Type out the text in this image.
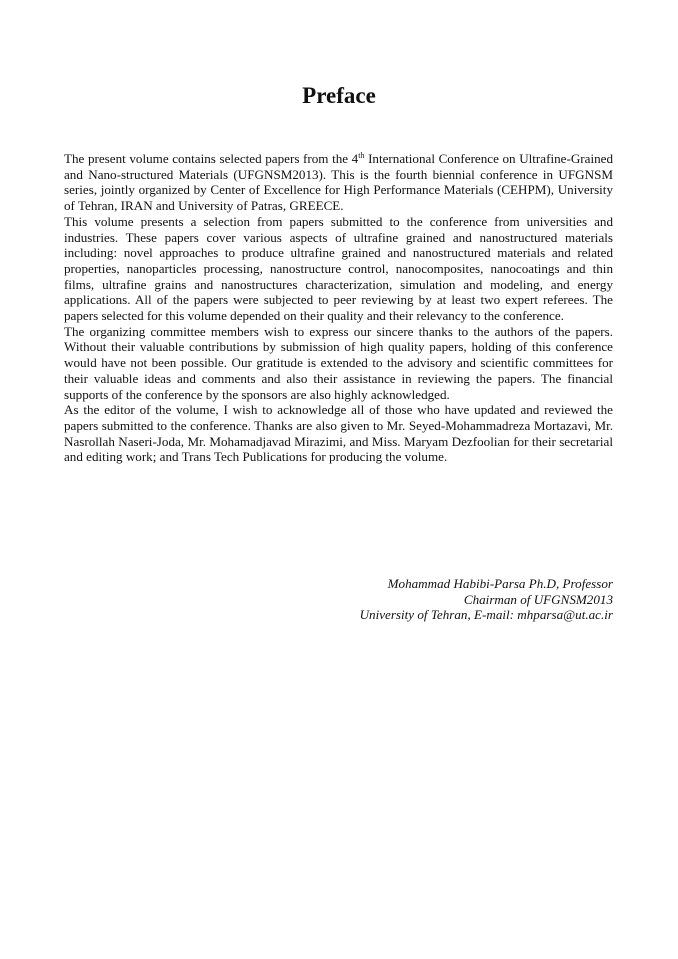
Preface

The present volume contains selected papers from the 4th International Conference on Ultrafine-Grained and Nano-structured Materials (UFGNSM2013). This is the fourth biennial conference in UFGNSM series, jointly organized by Center of Excellence for High Performance Materials (CEHPM), University of Tehran, IRAN and University of Patras, GREECE.

This volume presents a selection from papers submitted to the conference from universities and industries. These papers cover various aspects of ultrafine grained and nanostructured materials including: novel approaches to produce ultrafine grained and nanostructured materials and related properties, nanoparticles processing, nanostructure control, nanocomposites, nanocoatings and thin films, ultrafine grains and nanostructures characterization, simulation and modeling, and energy applications. All of the papers were subjected to peer reviewing by at least two expert referees. The papers selected for this volume depended on their quality and their relevancy to the conference.

The organizing committee members wish to express our sincere thanks to the authors of the papers. Without their valuable contributions by submission of high quality papers, holding of this conference would have not been possible. Our gratitude is extended to the advisory and scientific committees for their valuable ideas and comments and also their assistance in reviewing the papers. The financial supports of the conference by the sponsors are also highly acknowledged.

As the editor of the volume, I wish to acknowledge all of those who have updated and reviewed the papers submitted to the conference. Thanks are also given to Mr. Seyed-Mohammadreza Mortazavi, Mr. Nasrollah Naseri-Joda, Mr. Mohamadjavad Mirazimi, and Miss. Maryam Dezfoolian for their secretarial and editing work; and Trans Tech Publications for producing the volume.

Mohammad Habibi-Parsa Ph.D, Professor
Chairman of UFGNSM2013
University of Tehran, E-mail: mhparsa@ut.ac.ir
